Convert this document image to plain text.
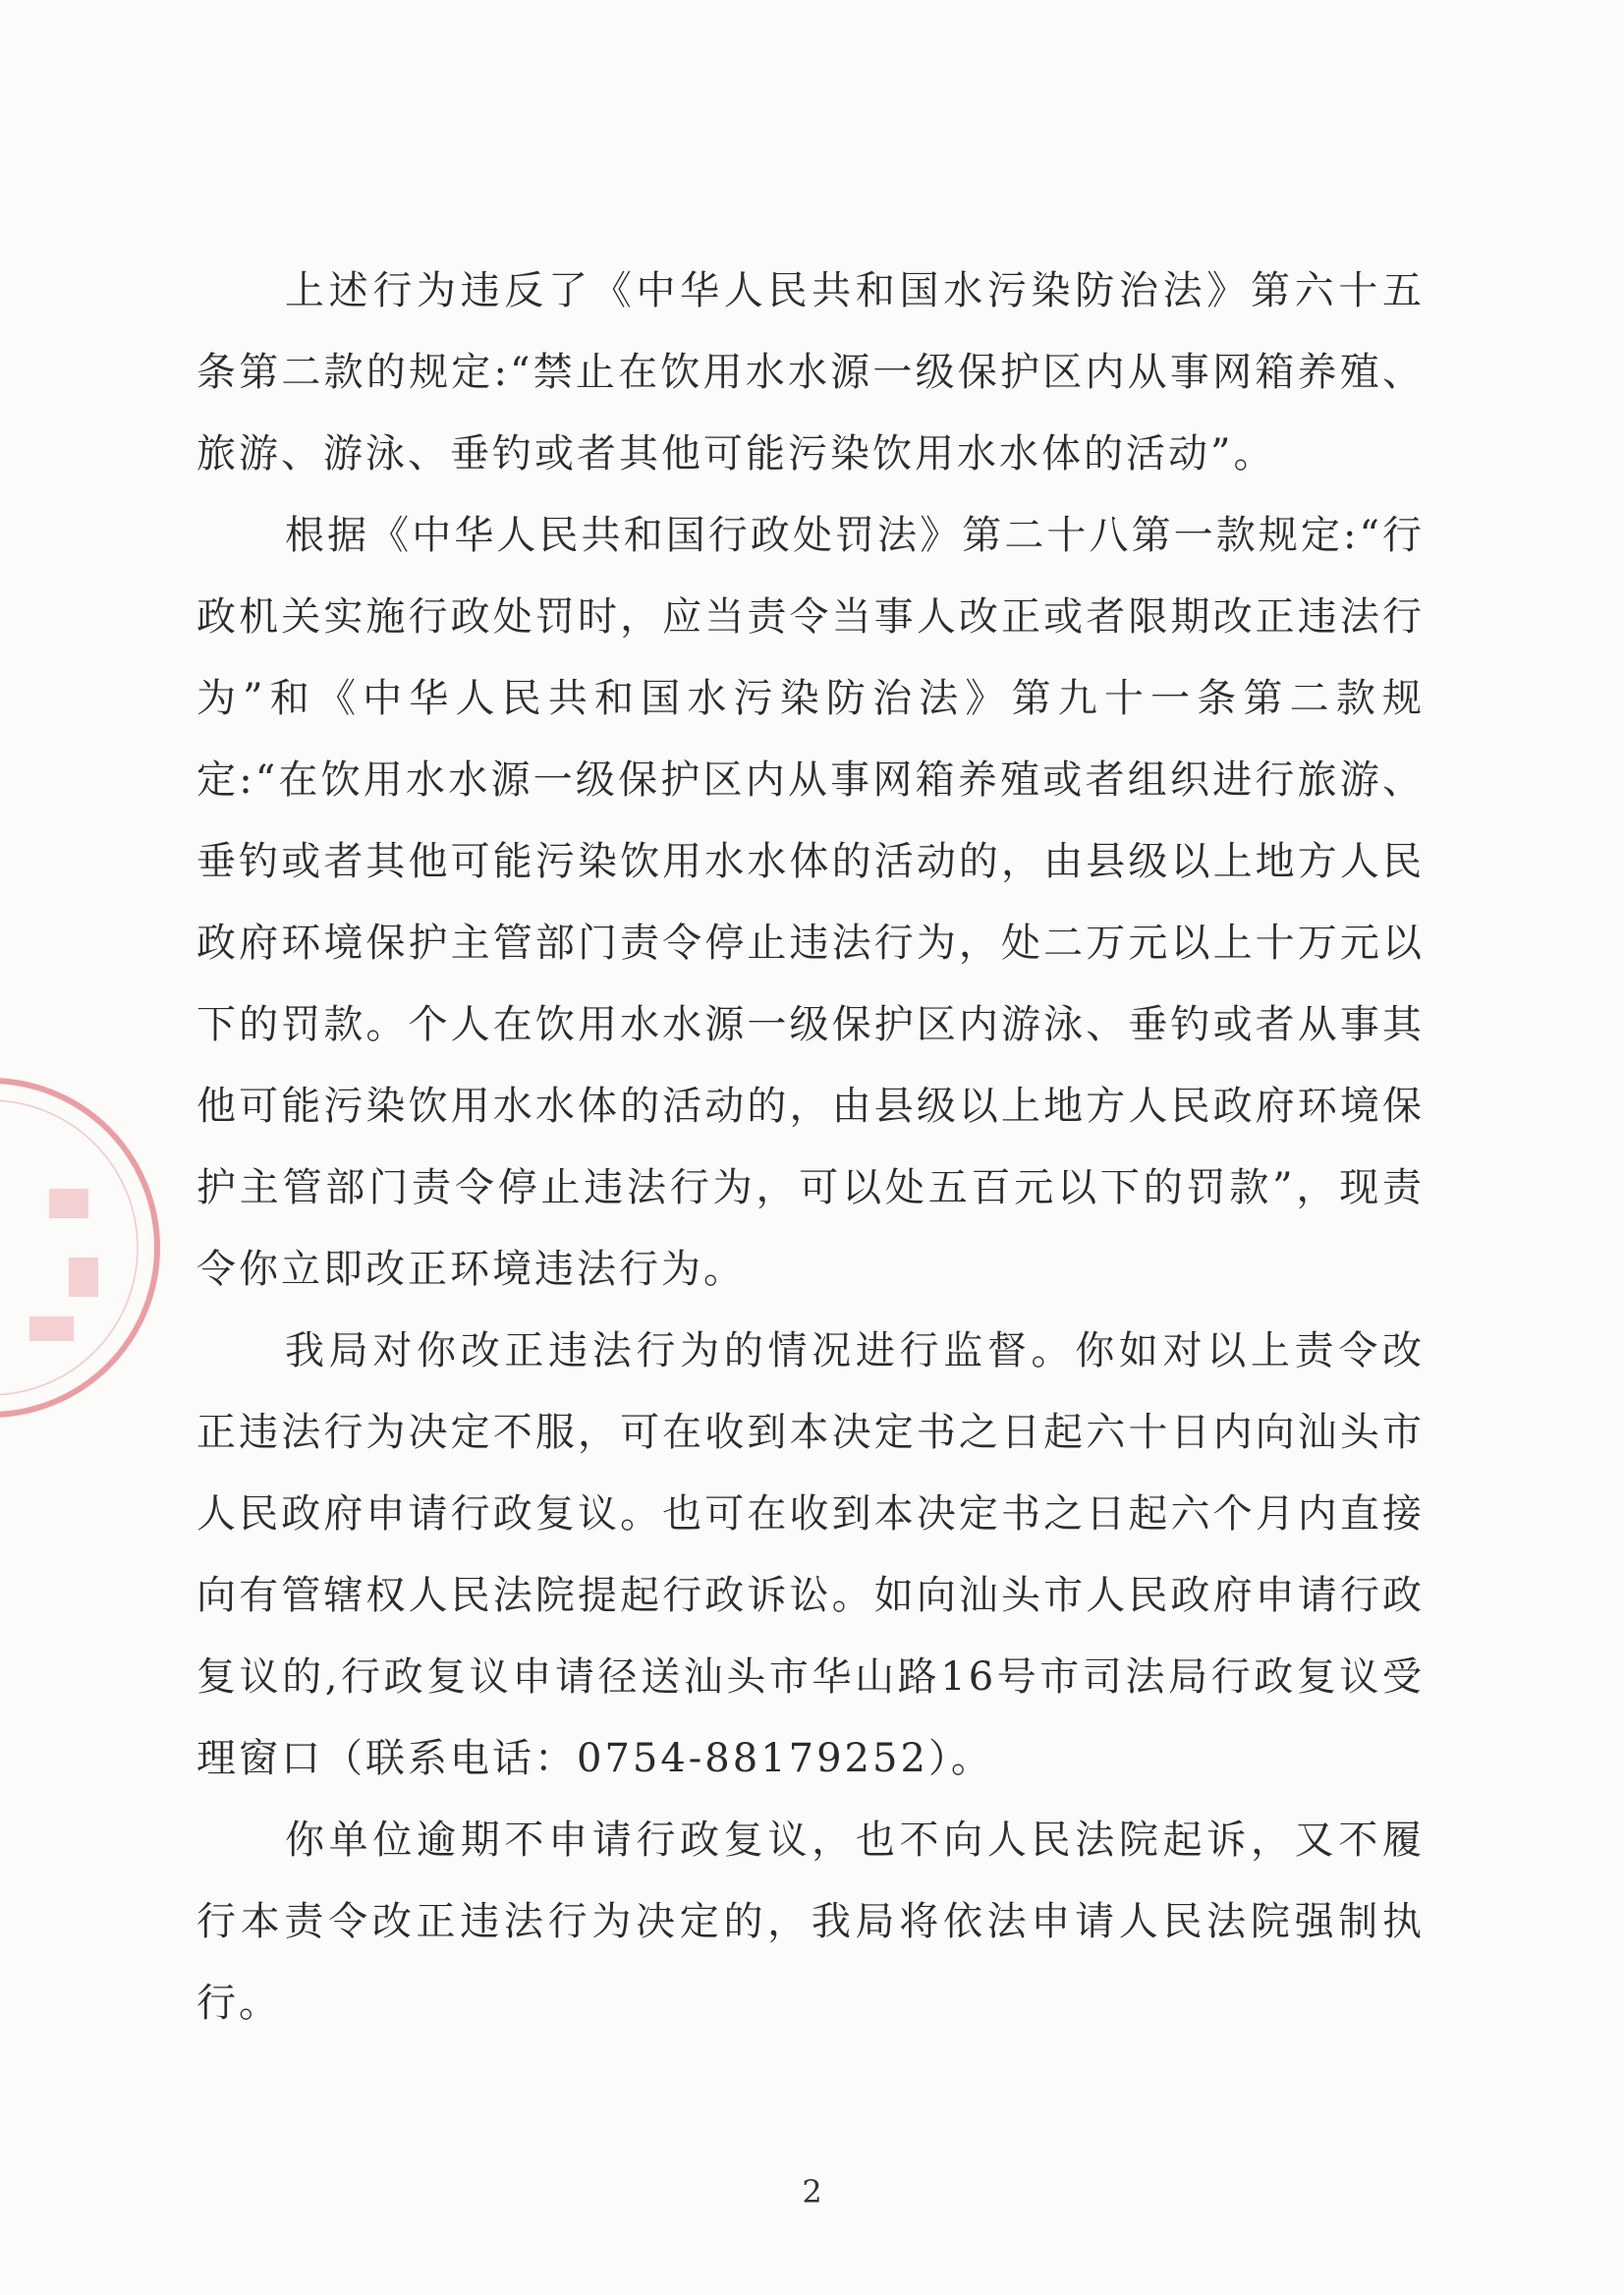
上述行为违反了《中华人民共和国水污染防治法》第六十五条第二款的规定:“禁止在饮用水水源一级保护区内从事网箱养殖、旅游、游泳、垂钓或者其他可能污染饮用水水体的活动”。

根据《中华人民共和国行政处罚法》第二十八第一款规定:“行政机关实施行政处罚时，应当责令当事人改正或者限期改正违法行为”和《中华人民共和国水污染防治法》第九十一条第二款规定:“在饮用水水源一级保护区内从事网箱养殖或者组织进行旅游、垂钓或者其他可能污染饮用水水体的活动的，由县级以上地方人民政府环境保护主管部门责令停止违法行为，处二万元以上十万元以下的罚款。个人在饮用水水源一级保护区内游泳、垂钓或者从事其他可能污染饮用水水体的活动的，由县级以上地方人民政府环境保护主管部门责令停止违法行为，可以处五百元以下的罚款”，现责令你立即改正环境违法行为。

我局对你改正违法行为的情况进行监督。你如对以上责令改正违法行为决定不服，可在收到本决定书之日起六十日内向汕头市人民政府申请行政复议。也可在收到本决定书之日起六个月内直接向有管辖权人民法院提起行政诉讼。如向汕头市人民政府申请行政复议的,行政复议申请径送汕头市华山路16号市司法局行政复议受理窗口（联系电话：0754-88179252）。

你单位逾期不申请行政复议，也不向人民法院起诉，又不履行本责令改正违法行为决定的，我局将依法申请人民法院强制执行。

2
